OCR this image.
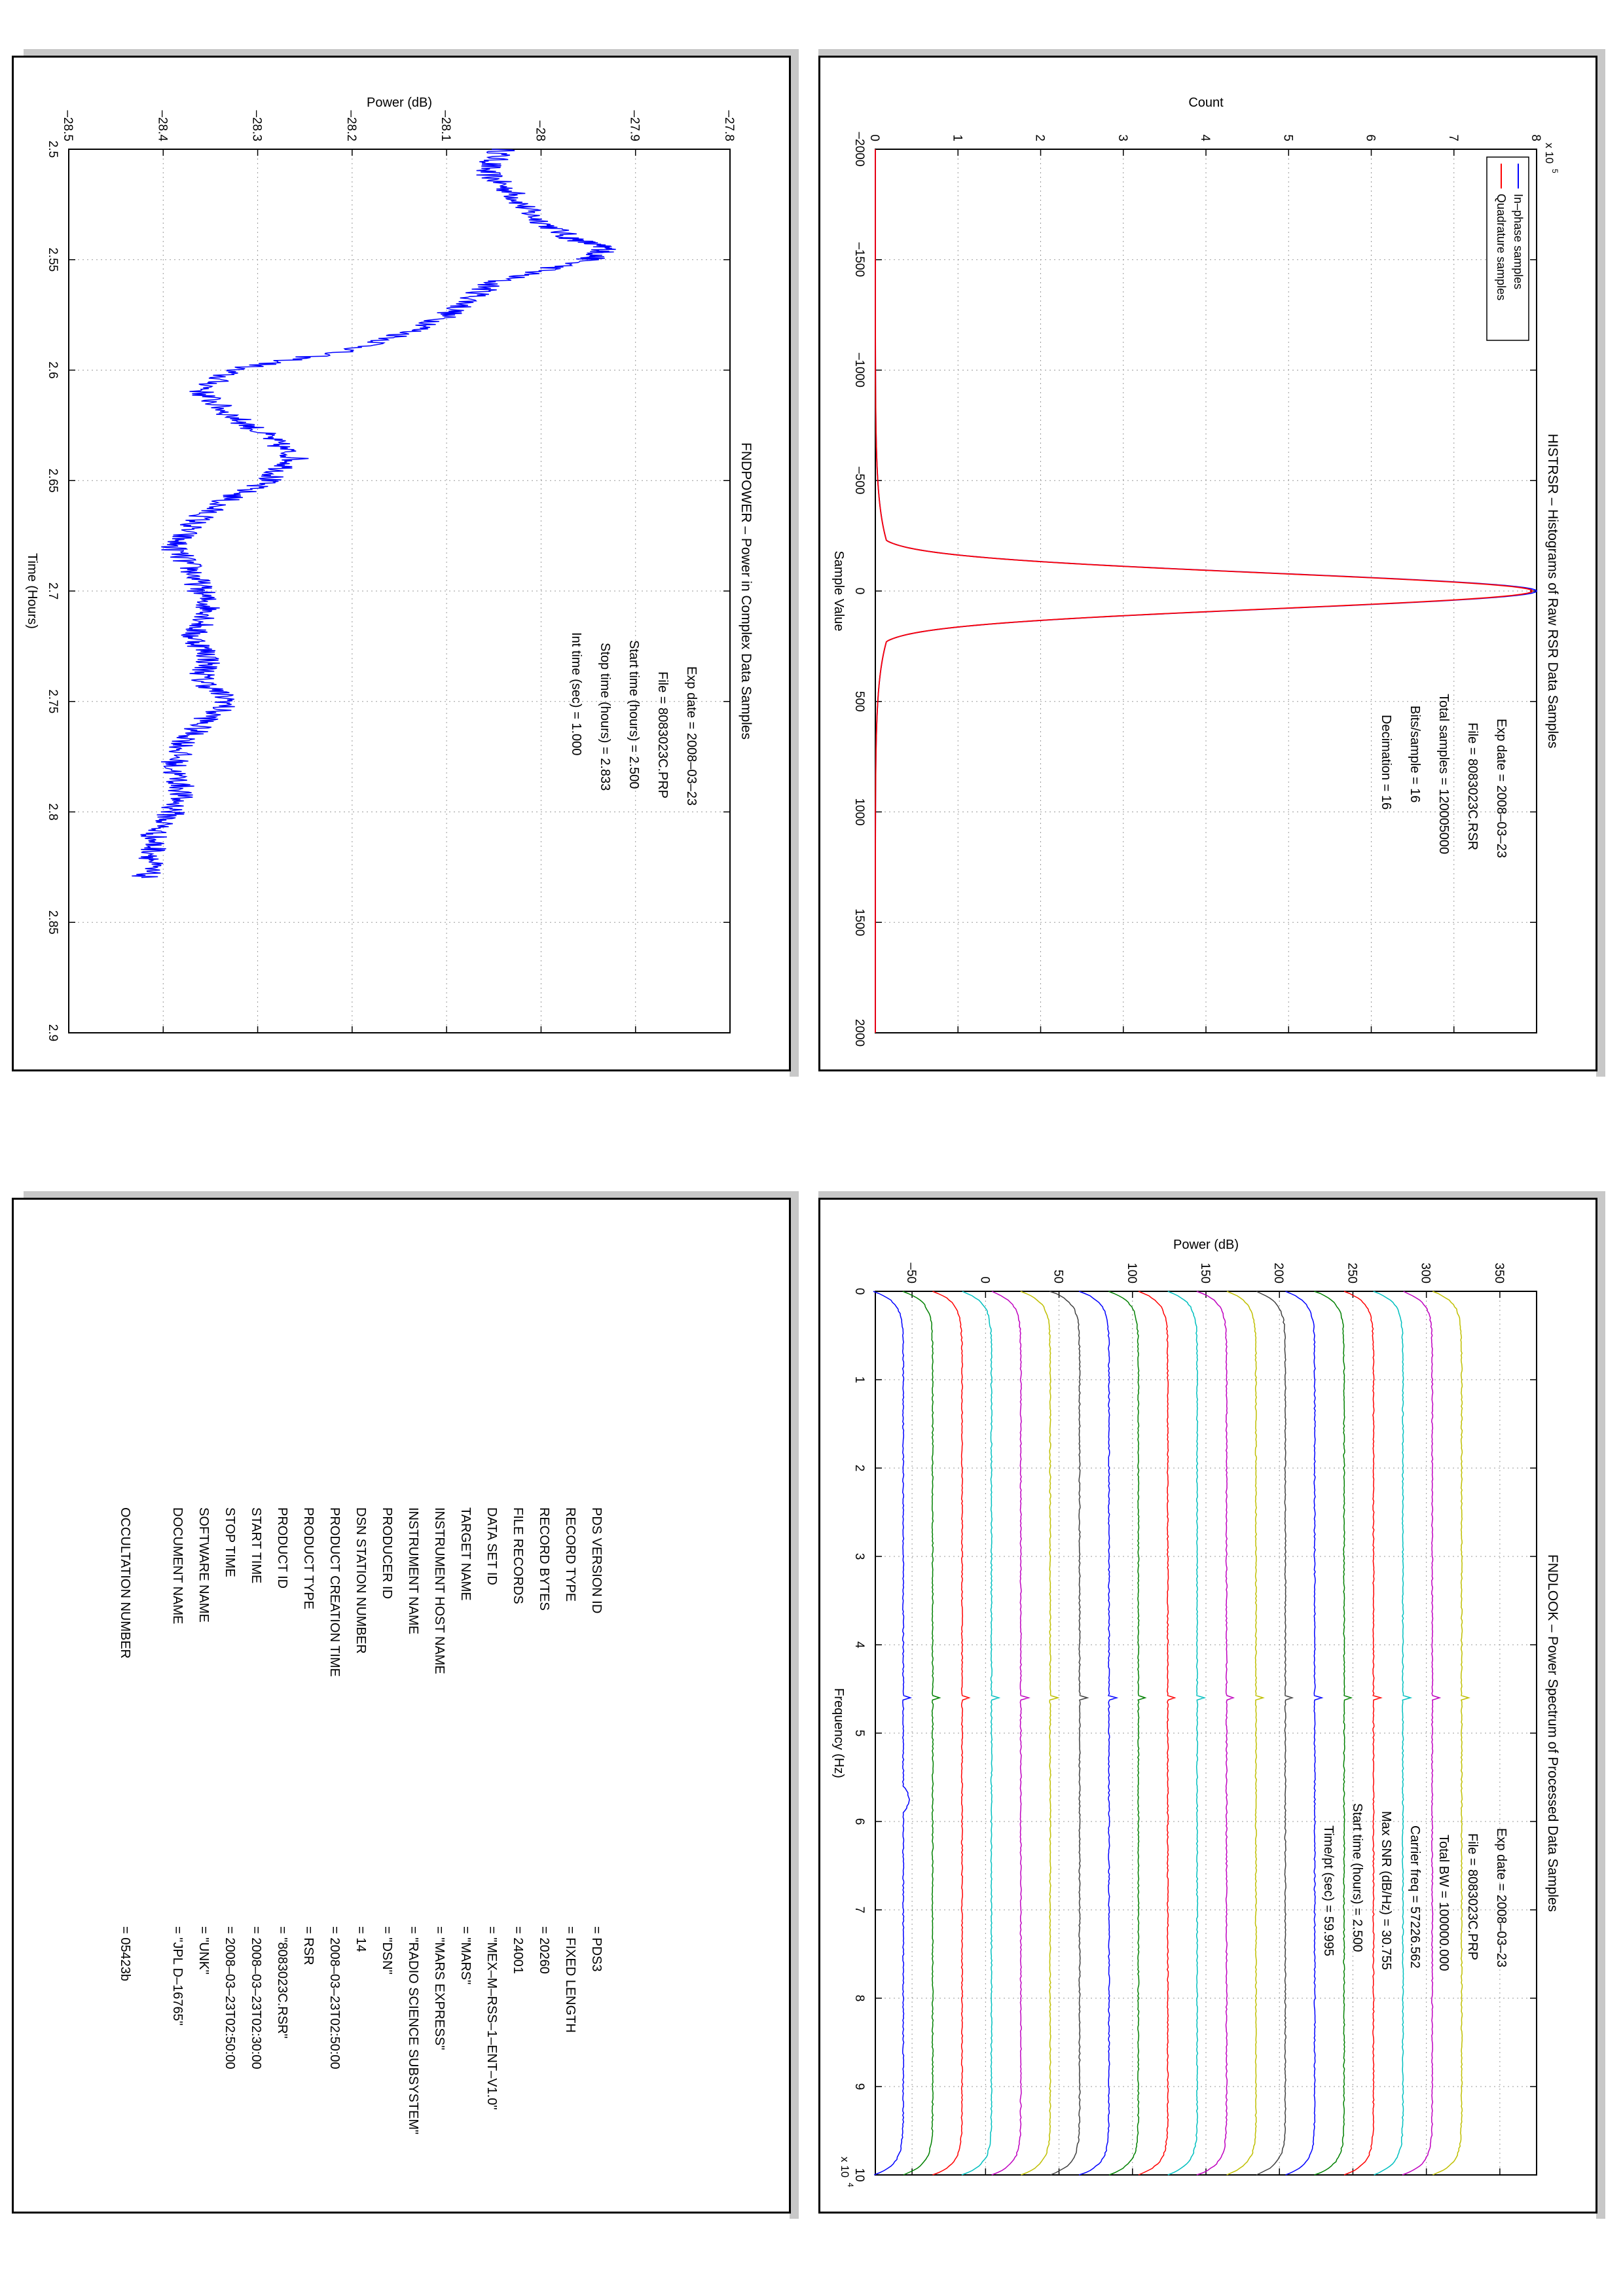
–2000
–1500
–1000
–500
0
500
1000
1500
2000
0	1	2	3	4	5	6	7	8
HISTRSR – Histograms of Raw RSR Data Samples
Sample Value
Count
Exp date = 2008–03–23
File = 8083023C.RSR
Total samples = 120005000
Bits/sample = 16
Decimation = 16
x 10
5
In–phase samples
Quadrature samples
2.5
2.55
2.6
2.65
2.7
2.75
2.8
2.85
2.9
–28.5	–28.4	–28.3	–28.2	–28.1	–28	–27.9	–27.8
FNDPOWER – Power in Complex Data Samples
Time (Hours)
Power (dB)
Exp date = 2008–03–23
File = 8083023C.PRP
Start time (hours) = 2.500
Stop time (hours) = 2.833
Int time (sec) = 1.000
0
1
2
3
4
5
6
7
8
9
10
–50	0	50	100	150	200	250	300	350
FNDLOOK – Power Spectrum of Processed Data Samples
Frequency (Hz)
Power (dB)
Exp date = 2008–03–23
File = 8083023C.PRP
Total BW = 100000.000
Carrier freq = 57226.562
Max SNR (dB/Hz) = 30.755
Start time (hours) = 2.500
Time/pt (sec) = 59.995
x 10
4
PDS VERSION ID
= PDS3
RECORD TYPE
= FIXED LENGTH
RECORD BYTES
= 20260
FILE RECORDS
= 24001
DATA SET ID
= "MEX–M–RSS–1–ENT–V1.0"
TARGET NAME
= "MARS"
INSTRUMENT HOST NAME
= "MARS EXPRESS"
INSTRUMENT NAME
= "RADIO SCIENCE SUBSYSTEM"
PRODUCER ID
= "DSN"
DSN STATION NUMBER
= 14
PRODUCT CREATION TIME
= 2008–03–23T02:50:00
PRODUCT TYPE
= RSR
PRODUCT ID
= "8083023C.RSR"
START TIME
= 2008–03–23T02:30:00
STOP TIME
= 2008–03–23T02:50:00
SOFTWARE NAME
= "UNK"
DOCUMENT NAME
= "JPL D–16765"
OCCULTATION NUMBER
= 05423b
